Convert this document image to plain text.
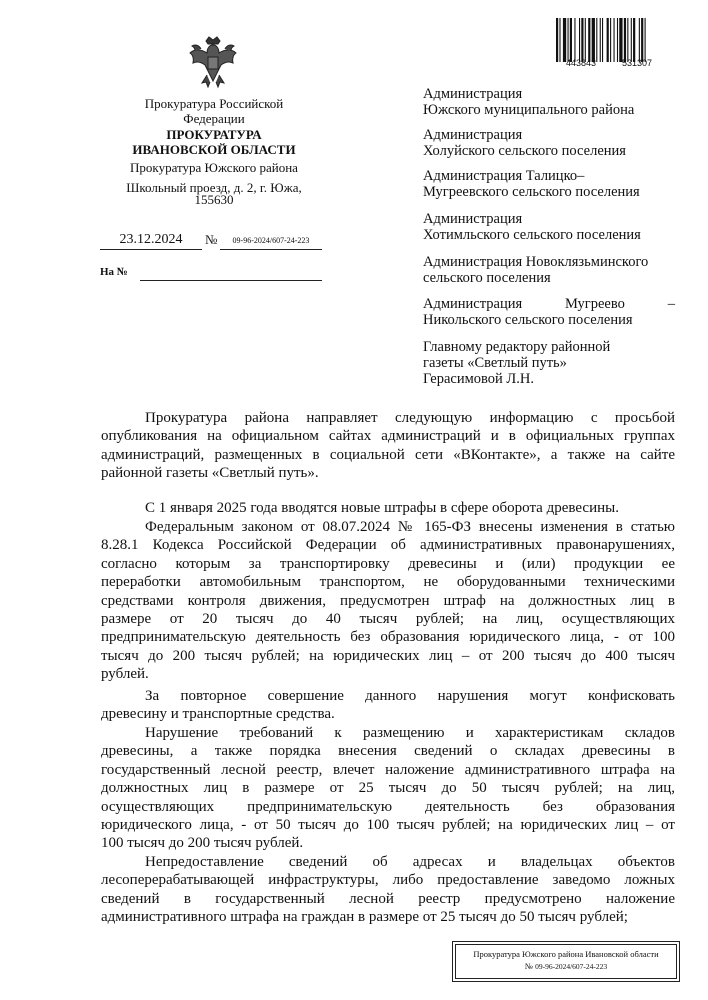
Прокуратура Российской
Федерации
ПРОКУРАТУРА
ИВАНОВСКОЙ ОБЛАСТИ
Прокуратура Южского района
Школьный проезд, д. 2, г. Южа,
155630
23.12.2024	№	09-96-2024/607-24-223
На №
443843	531307
Администрация
Южского муниципального района
Администрация
Холуйского сельского поселения
Администрация Талицко–
Мугреевского сельского поселения
Администрация
Хотимльского сельского поселения
Администрация Новоклязьминского
сельского поселения
Администрация	Мугреево	–
Никольского сельского поселения
Главному редактору районной
газеты «Светлый путь»
Герасимовой Л.Н.
Прокуратура района направляет следующую информацию с просьбой
опубликования на официальном сайтах администраций и в официальных группах
администраций, размещенных в социальной сети «ВКонтакте», а также на сайте
районной газеты «Светлый путь».
С 1 января 2025 года вводятся новые штрафы в сфере оборота древесины.
Федеральным законом от 08.07.2024 № 165-ФЗ внесены изменения в статью
8.28.1 Кодекса Российской Федерации об административных правонарушениях,
согласно которым за транспортировку древесины и (или) продукции ее
переработки автомобильным транспортом, не оборудованными техническими
средствами контроля движения, предусмотрен штраф на должностных лиц в
размере от 20 тысяч до 40 тысяч рублей; на лиц, осуществляющих
предпринимательскую деятельность без образования юридического лица, - от 100
тысяч до 200 тысяч рублей; на юридических лиц – от 200 тысяч до 400 тысяч
рублей.
За повторное совершение данного нарушения могут конфисковать
древесину и транспортные средства.
Нарушение требований к размещению и характеристикам складов
древесины, а также порядка внесения сведений о складах древесины в
государственный лесной реестр, влечет наложение административного штрафа на
должностных лиц в размере от 25 тысяч до 50 тысяч рублей; на лиц,
осуществляющих предпринимательскую деятельность без образования
юридического лица, - от 50 тысяч до 100 тысяч рублей; на юридических лиц – от
100 тысяч до 200 тысяч рублей.
Непредоставление сведений об адресах и владельцах объектов
лесоперерабатывающей инфраструктуры, либо предоставление заведомо ложных
сведений в государственный лесной реестр предусмотрено наложение
административного штрафа на граждан в размере от 25 тысяч до 50 тысяч рублей;
Прокуратура Южского района Ивановской области
№ 09-96-2024/607-24-223
